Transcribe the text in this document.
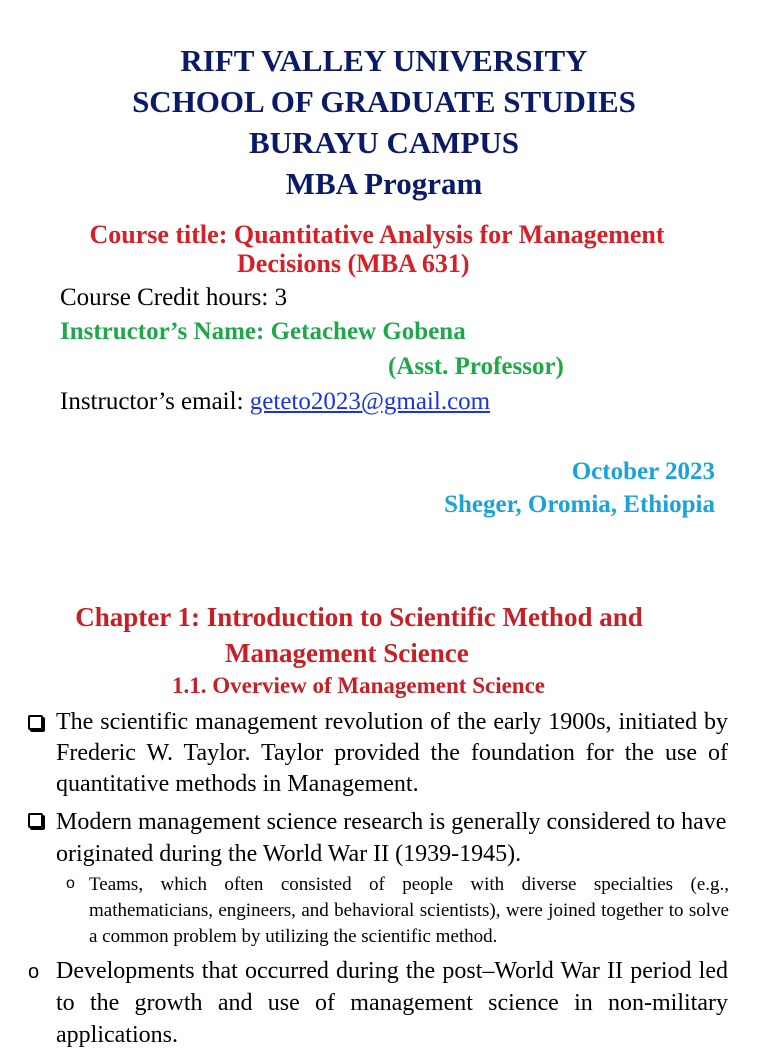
RIFT VALLEY UNIVERSITY
SCHOOL OF GRADUATE STUDIES
BURAYU CAMPUS
MBA Program
Course title: Quantitative Analysis for Management
Decisions (MBA 631)
Course Credit hours: 3
Instructor’s Name: Getachew Gobena
(Asst. Professor)
Instructor’s email: geteto2023@gmail.com
October 2023
Sheger, Oromia, Ethiopia
Chapter 1: Introduction to Scientific Method and
Management Science
1.1. Overview of Management Science
The scientific management revolution of the early 1900s, initiated by Frederic W. Taylor. Taylor provided the foundation for the use of quantitative methods in Management.
Modern management science research is generally considered to have originated during the World War II (1939-1945).
o Teams, which often consisted of people with diverse specialties (e.g., mathematicians, engineers, and behavioral scientists), were joined together to solve a common problem by utilizing the scientific method.
o Developments that occurred during the post–World War II period led to the growth and use of management science in non-military applications.
